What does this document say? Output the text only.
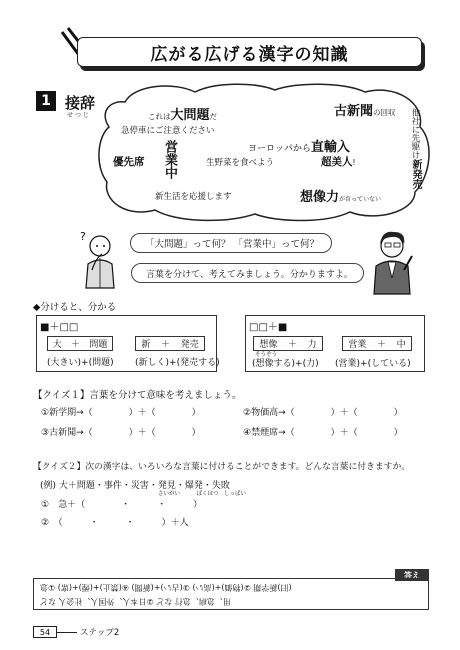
広がる広げる漢字の知識
1 接辞
せつじ	これは大問題だ	古新聞の回収
急停車にご注意ください
ヨーロッパから直輸入	他社に先駆け新発売
優先席 営業中	生野菜を食べよう	超美人!
新生活を応援します	想像力が育っていない
?
「大問題」って何？ 「営業中」って何？
言葉を分けて、考えてみましょう。分かりますよ。
◆分けると、分かる
■＋□□
大 ＋ 問題
(大きい)+(問題)
新 ＋ 発売
(新しく)+(発売する)
□□＋■
想像 ＋ 力
そうぞう
(想像する)+(力)
営業 ＋ 中
(営業)+(している)
【クイズ１】言葉を分けて意味を考えましょう。
①新学期→（　　　　）＋（　　　　）	②物価高→（　　　　）＋（　　　　）
③古新聞→（　　　　）＋（　　　　）	④禁煙席→（　　　　）＋（　　　　）
【クイズ２】次の漢字は、いろいろな言葉に付けることができます。どんな言葉に付きますか。
(例) 大＋問題・事件・災害・発見・爆発・失敗
さいがい　　　ばくはつ　しっぱい
①　急＋（　　　　・　　　・　　　）
②　（　　　・　　　・　　　）＋人
答え
(旧)新学期 ②(物価)+(高い) ③(古い)+(新聞) ④(禁止)+(煙)+(席) ①急
用、急病、急行 など ②日本人、外国人、社会人 など
54	ステップ2
